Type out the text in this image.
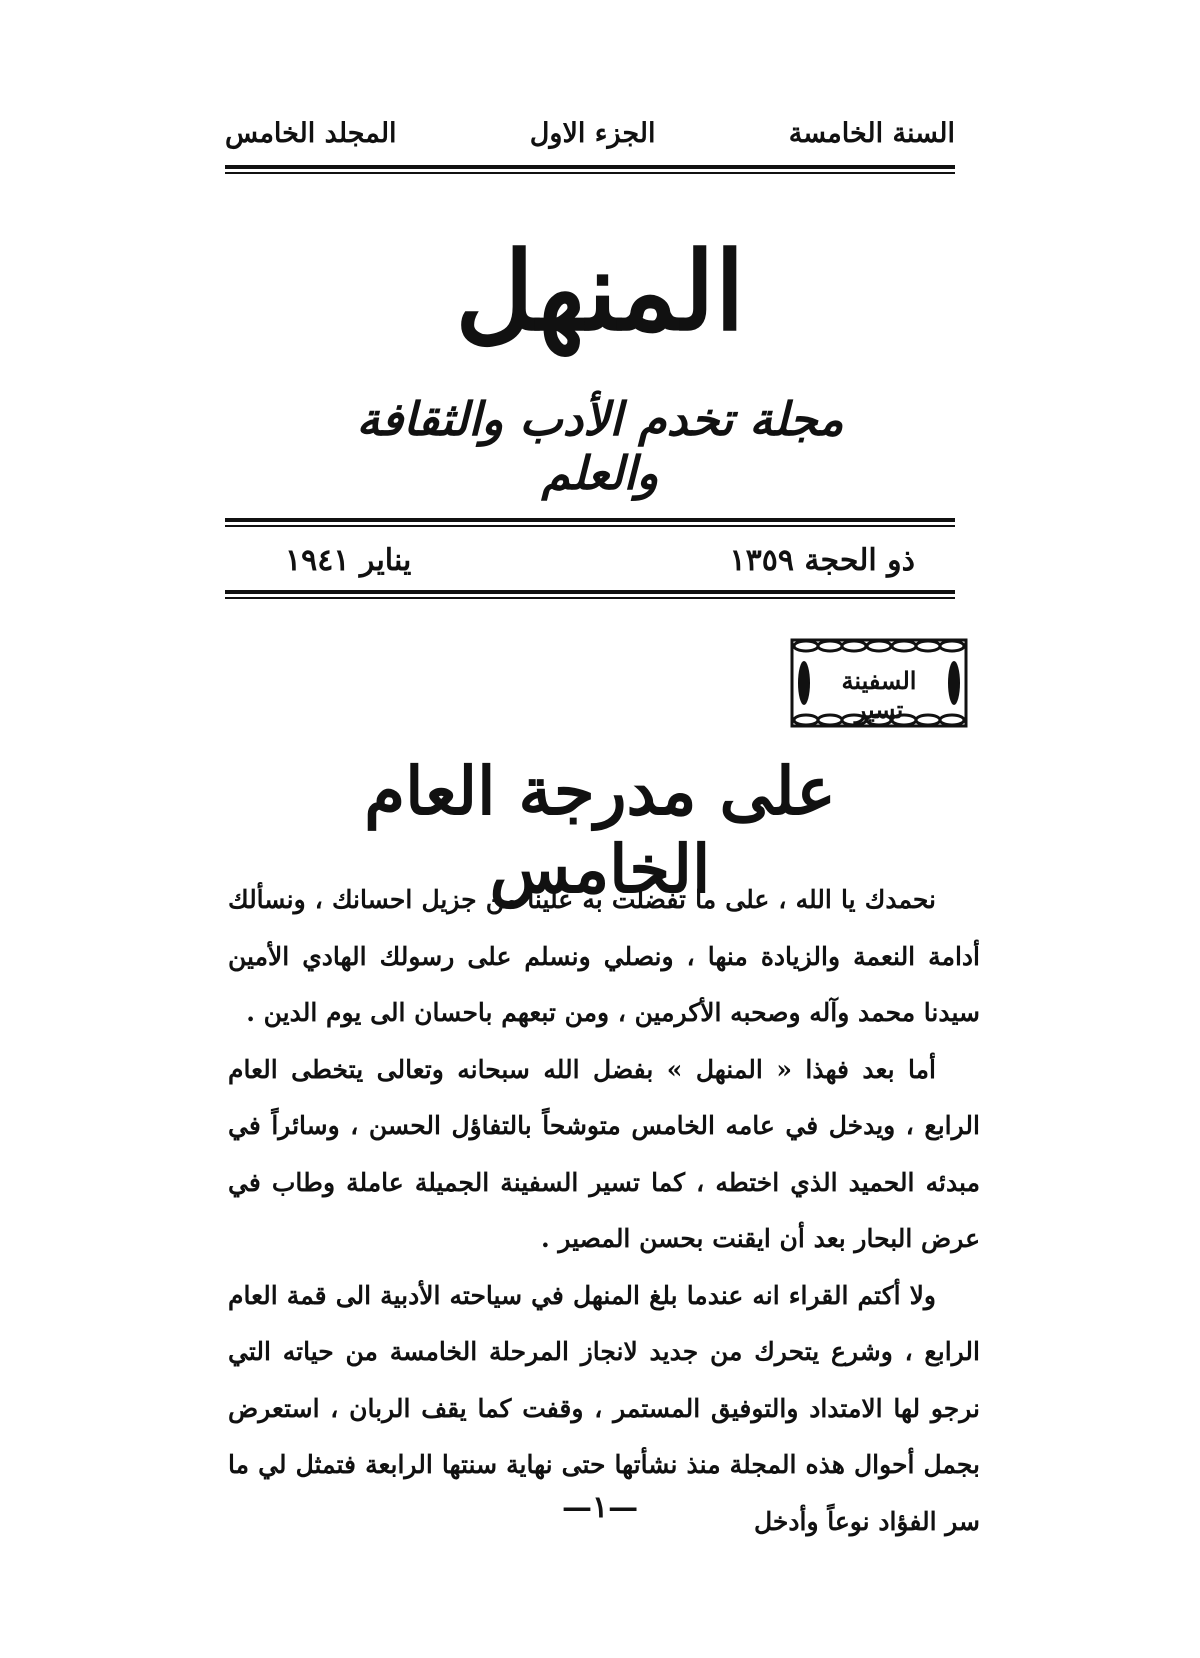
السنة الخامسة
الجزء الاول
المجلد الخامس
المنهل
مجلة تخدم الأدب والثقافة والعلم
ذو الحجة ١٣٥٩
يناير ١٩٤١
السفينة تسير
على مدرجة العام الخامس

نحمدك يا الله ، على ما تفضلت به علينا من جزيل احسانك ، ونسألك أدامة النعمة والزيادة منها ، ونصلي ونسلم على رسولك الهادي الأمين سيدنا محمد وآله وصحبه الأكرمين ، ومن تبعهم باحسان الى يوم الدين .

أما بعد فهذا « المنهل » بفضل الله سبحانه وتعالى يتخطى العام الرابع ، ويدخل في عامه الخامس متوشحاً بالتفاؤل الحسن ، وسائراً في مبدئه الحميد الذي اختطه ، كما تسير السفينة الجميلة عاملة وطاب في عرض البحار بعد أن ايقنت بحسن المصير .

ولا أكتم القراء انه عندما بلغ المنهل في سياحته الأدبية الى قمة العام الرابع ، وشرع يتحرك من جديد لانجاز المرحلة الخامسة من حياته التي نرجو لها الامتداد والتوفيق المستمر ، وقفت كما يقف الربان ، استعرض بجمل أحوال هذه المجلة منذ نشأتها حتى نهاية سنتها الرابعة فتمثل لي ما سر الفؤاد نوعاً وأدخل

—١—
